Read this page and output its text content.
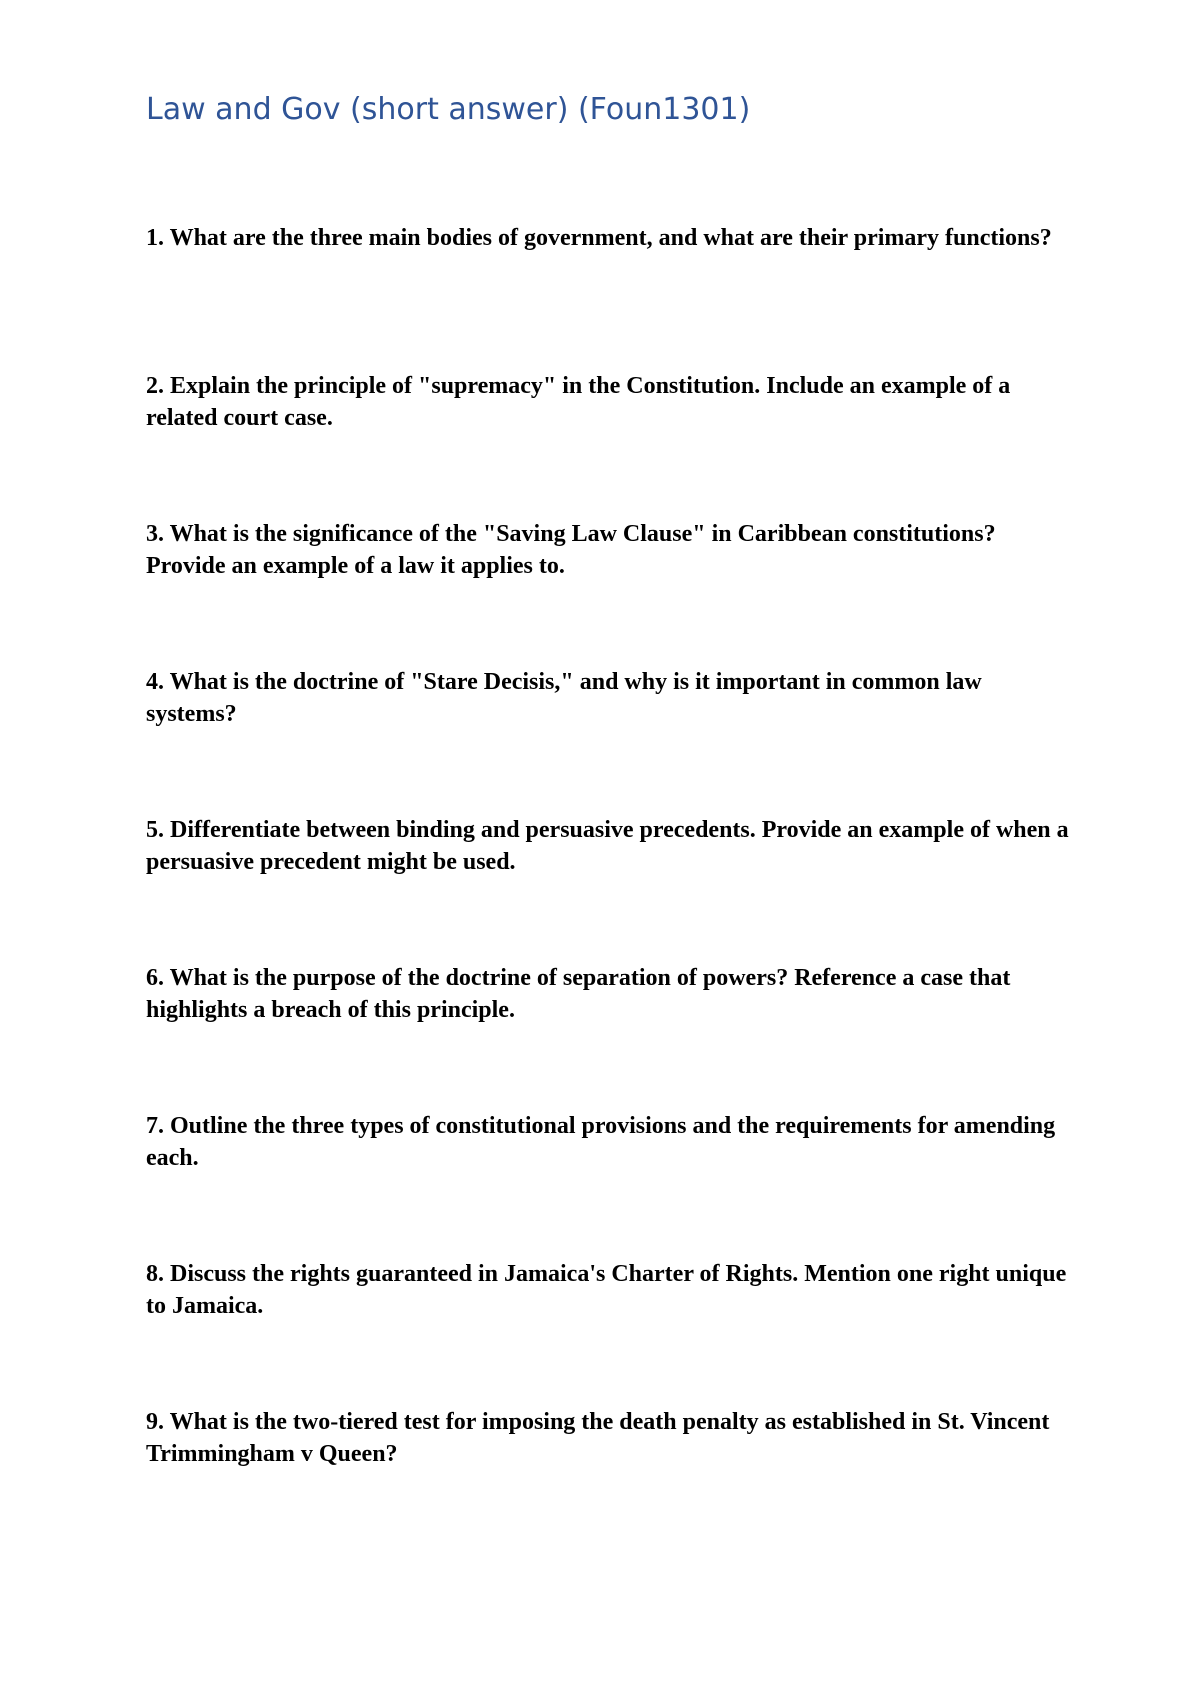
Law and Gov (short answer) (Foun1301)
1. What are the three main bodies of government, and what are their primary functions?
2. Explain the principle of "supremacy" in the Constitution. Include an example of a related court case.
3. What is the significance of the "Saving Law Clause" in Caribbean constitutions? Provide an example of a law it applies to.
4. What is the doctrine of "Stare Decisis," and why is it important in common law systems?
5. Differentiate between binding and persuasive precedents. Provide an example of when a persuasive precedent might be used.
6. What is the purpose of the doctrine of separation of powers? Reference a case that highlights a breach of this principle.
7. Outline the three types of constitutional provisions and the requirements for amending each.
8. Discuss the rights guaranteed in Jamaica's Charter of Rights. Mention one right unique to Jamaica.
9. What is the two-tiered test for imposing the death penalty as established in St. Vincent Trimmingham v Queen?
